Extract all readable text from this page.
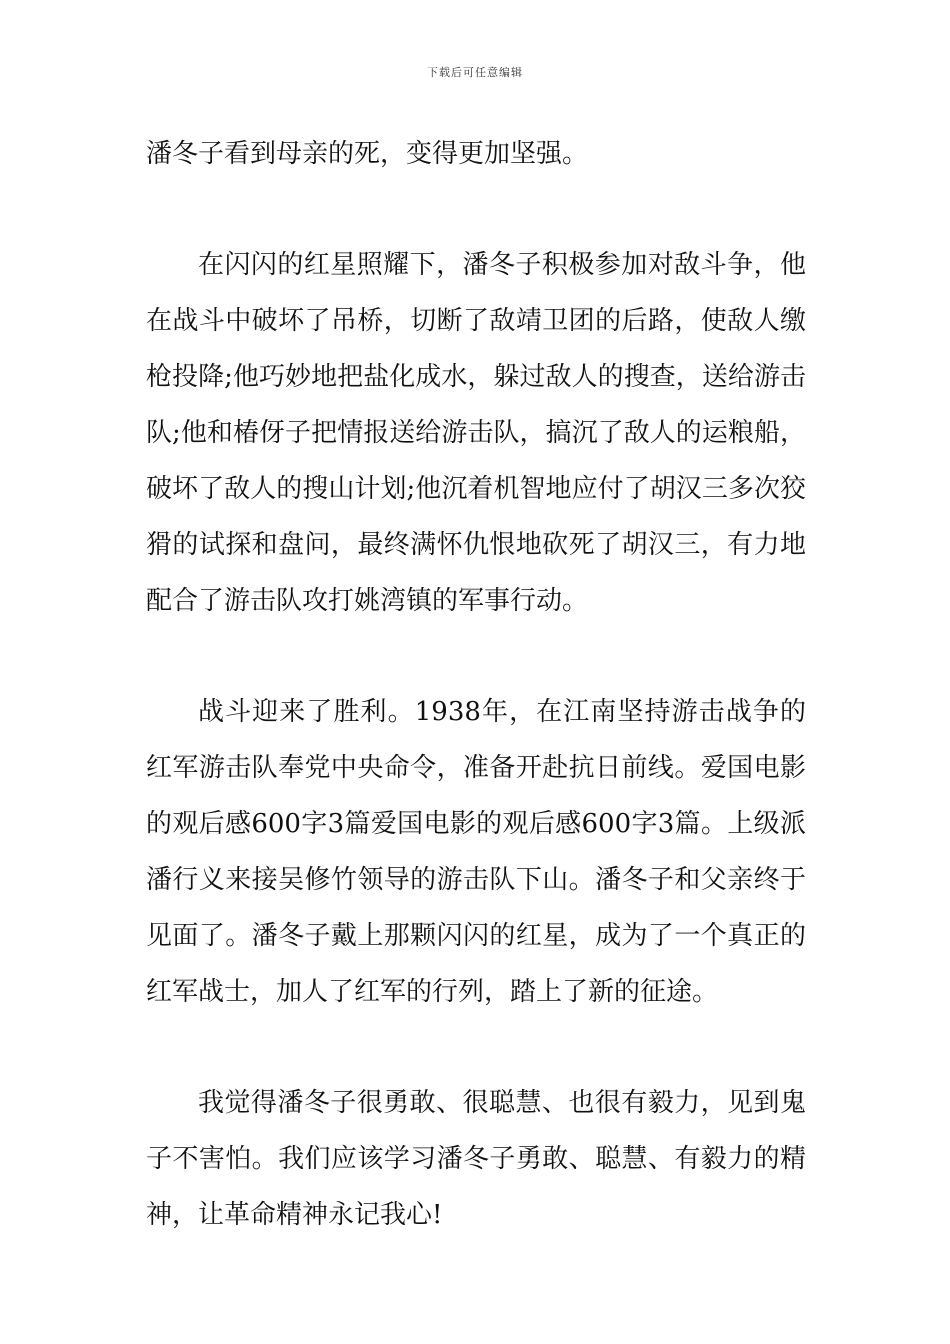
下载后可任意编辑

潘冬子看到母亲的死，变得更加坚强。

在闪闪的红星照耀下，潘冬子积极参加对敌斗争，他在战斗中破坏了吊桥，切断了敌靖卫团的后路，使敌人缴枪投降;他巧妙地把盐化成水，躲过敌人的搜查，送给游击队;他和椿伢子把情报送给游击队，搞沉了敌人的运粮船，破坏了敌人的搜山计划;他沉着机智地应付了胡汉三多次狡猾的试探和盘问，最终满怀仇恨地砍死了胡汉三，有力地配合了游击队攻打姚湾镇的军事行动。

战斗迎来了胜利。1938年，在江南坚持游击战争的红军游击队奉党中央命令，准备开赴抗日前线。爱国电影的观后感600字3篇爱国电影的观后感600字3篇。上级派潘行义来接吴修竹领导的游击队下山。潘冬子和父亲终于见面了。潘冬子戴上那颗闪闪的红星，成为了一个真正的红军战士，加人了红军的行列，踏上了新的征途。

我觉得潘冬子很勇敢、很聪慧、也很有毅力，见到鬼子不害怕。我们应该学习潘冬子勇敢、聪慧、有毅力的精神，让革命精神永记我心!
